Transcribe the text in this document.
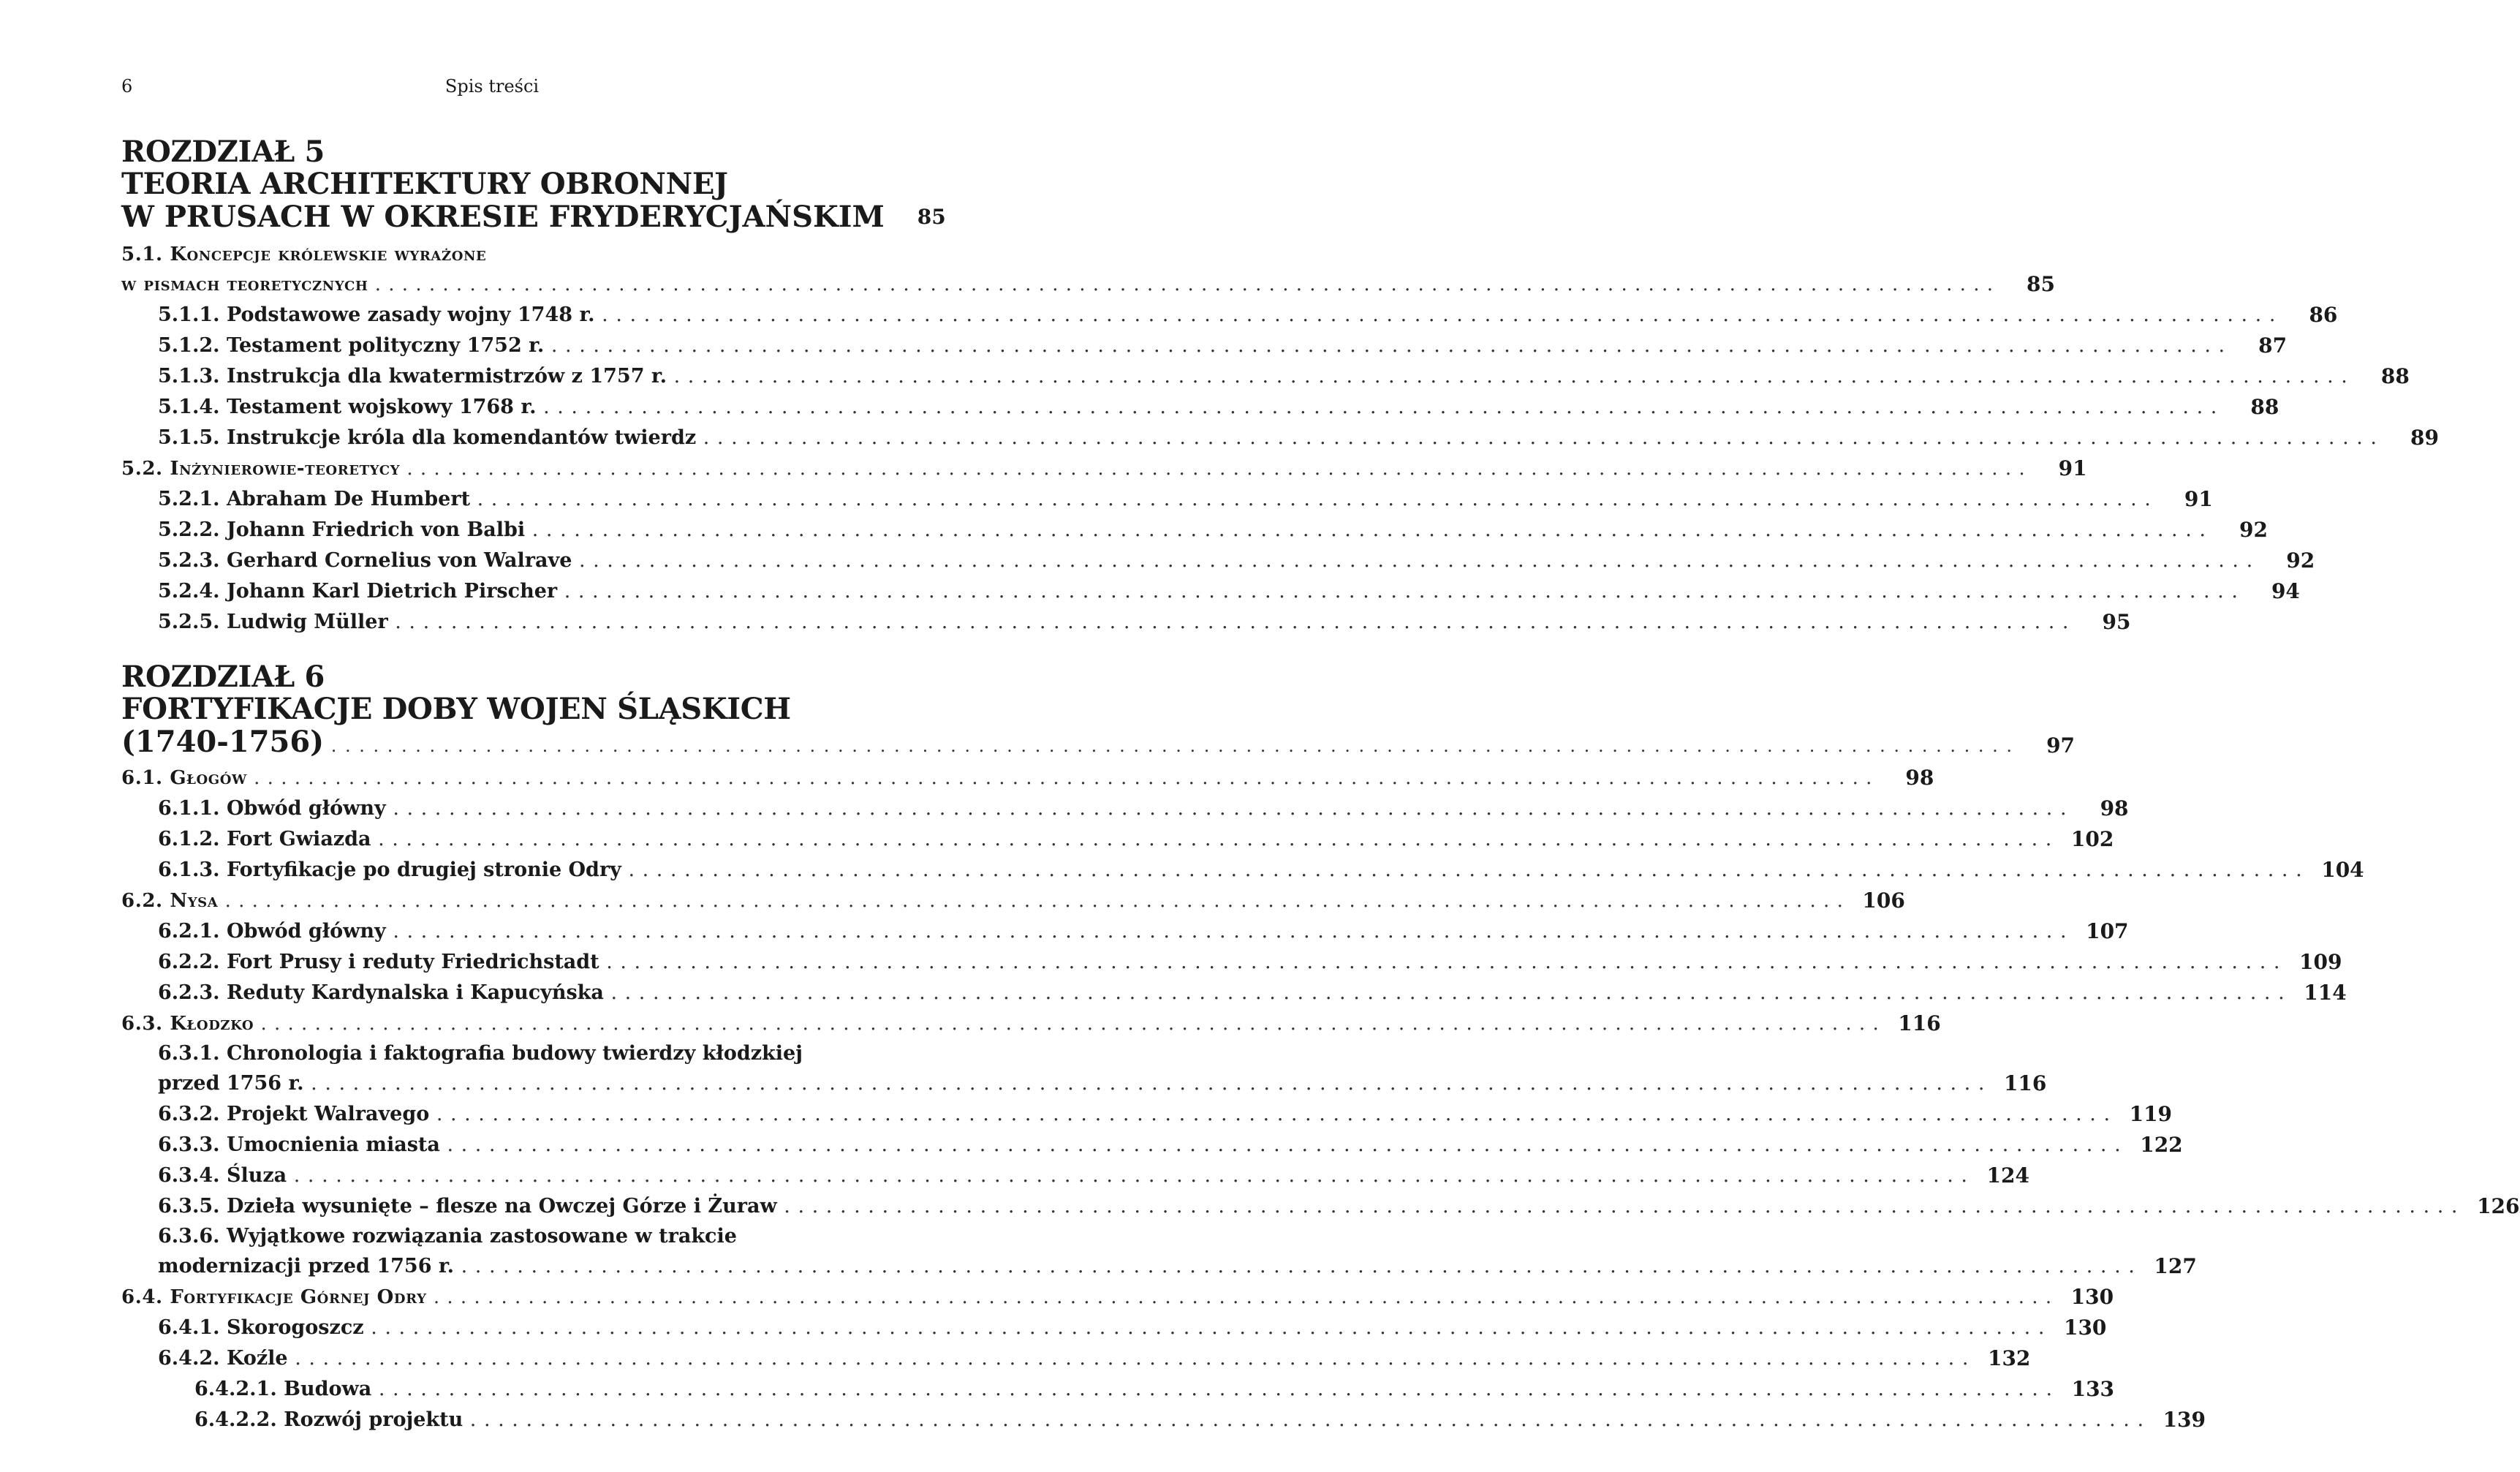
6	Spis treści
ROZDZIAŁ 5
TEORIA ARCHITEKTURY OBRONNEJ
W PRUSACH W OKRESIE FRYDERYCJAŃSKIM	85
5.1. Koncepcje królewskie wyrażone
w pismach teoretycznych . . . . . . . . . . . . . . . . . . . . . . . . . . . . . . . . . . . . . . . . . . . . . . . . . . . . . . . . . . . . . . . . . . . . . . . . . . . . . . . . . . . . . . . . . . . . . . . . . . . . . . . . . . . . . . . . . . . . . . . .	85
5.1.1. Podstawowe zasady wojny 1748 r. . . . . . . . . . . . . . . . . . . . . . . . . . . . . . . . . . . . . . . . . . . . . . . . . . . . . . . . . . . . . . . . . . . . . . . . . . . . . . . . . . . . . . . . . . . . . . . . . . . . . . . . . . . . . . . . . . . . . . . . .	86
5.1.2. Testament polityczny 1752 r. . . . . . . . . . . . . . . . . . . . . . . . . . . . . . . . . . . . . . . . . . . . . . . . . . . . . . . . . . . . . . . . . . . . . . . . . . . . . . . . . . . . . . . . . . . . . . . . . . . . . . . . . . . . . . . . . . . . . . . . .	87
5.1.3. Instrukcja dla kwatermistrzów z 1757 r. . . . . . . . . . . . . . . . . . . . . . . . . . . . . . . . . . . . . . . . . . . . . . . . . . . . . . . . . . . . . . . . . . . . . . . . . . . . . . . . . . . . . . . . . . . . . . . . . . . . . . . . . . . . . . . . . . . . . . . . .	88
5.1.4. Testament wojskowy 1768 r. . . . . . . . . . . . . . . . . . . . . . . . . . . . . . . . . . . . . . . . . . . . . . . . . . . . . . . . . . . . . . . . . . . . . . . . . . . . . . . . . . . . . . . . . . . . . . . . . . . . . . . . . . . . . . . . . . . . . . . . .	88
5.1.5. Instrukcje króla dla komendantów twierdz . . . . . . . . . . . . . . . . . . . . . . . . . . . . . . . . . . . . . . . . . . . . . . . . . . . . . . . . . . . . . . . . . . . . . . . . . . . . . . . . . . . . . . . . . . . . . . . . . . . . . . . . . . . . . . . . . . . . . . . .	89
5.2. Inżynierowie-teoretycy . . . . . . . . . . . . . . . . . . . . . . . . . . . . . . . . . . . . . . . . . . . . . . . . . . . . . . . . . . . . . . . . . . . . . . . . . . . . . . . . . . . . . . . . . . . . . . . . . . . . . . . . . . . . . . . . . . . . . . . .	91
5.2.1. Abraham De Humbert . . . . . . . . . . . . . . . . . . . . . . . . . . . . . . . . . . . . . . . . . . . . . . . . . . . . . . . . . . . . . . . . . . . . . . . . . . . . . . . . . . . . . . . . . . . . . . . . . . . . . . . . . . . . . . . . . . . . . . . .	91
5.2.2. Johann Friedrich von Balbi . . . . . . . . . . . . . . . . . . . . . . . . . . . . . . . . . . . . . . . . . . . . . . . . . . . . . . . . . . . . . . . . . . . . . . . . . . . . . . . . . . . . . . . . . . . . . . . . . . . . . . . . . . . . . . . . . . . . . . . .	92
5.2.3. Gerhard Cornelius von Walrave . . . . . . . . . . . . . . . . . . . . . . . . . . . . . . . . . . . . . . . . . . . . . . . . . . . . . . . . . . . . . . . . . . . . . . . . . . . . . . . . . . . . . . . . . . . . . . . . . . . . . . . . . . . . . . . . . . . . . . . .	92
5.2.4. Johann Karl Dietrich Pirscher . . . . . . . . . . . . . . . . . . . . . . . . . . . . . . . . . . . . . . . . . . . . . . . . . . . . . . . . . . . . . . . . . . . . . . . . . . . . . . . . . . . . . . . . . . . . . . . . . . . . . . . . . . . . . . . . . . . . . . . .	94
5.2.5. Ludwig Müller . . . . . . . . . . . . . . . . . . . . . . . . . . . . . . . . . . . . . . . . . . . . . . . . . . . . . . . . . . . . . . . . . . . . . . . . . . . . . . . . . . . . . . . . . . . . . . . . . . . . . . . . . . . . . . . . . . . . . . . .	95
ROZDZIAŁ 6
FORTYFIKACJE DOBY WOJEN ŚLĄSKICH
(1740-1756) . . . . . . . . . . . . . . . . . . . . . . . . . . . . . . . . . . . . . . . . . . . . . . . . . . . . . . . . . . . . . . . . . . . . . . . . . . . . . . . . . . . . . . . . . . . . . . . . . . . . . . . . . . . . . . . . . . . . . . . .	97
6.1. Głogów . . . . . . . . . . . . . . . . . . . . . . . . . . . . . . . . . . . . . . . . . . . . . . . . . . . . . . . . . . . . . . . . . . . . . . . . . . . . . . . . . . . . . . . . . . . . . . . . . . . . . . . . . . . . . . . . . . . . . . . .	98
6.1.1. Obwód główny . . . . . . . . . . . . . . . . . . . . . . . . . . . . . . . . . . . . . . . . . . . . . . . . . . . . . . . . . . . . . . . . . . . . . . . . . . . . . . . . . . . . . . . . . . . . . . . . . . . . . . . . . . . . . . . . . . . . . . . .	98
6.1.2. Fort Gwiazda . . . . . . . . . . . . . . . . . . . . . . . . . . . . . . . . . . . . . . . . . . . . . . . . . . . . . . . . . . . . . . . . . . . . . . . . . . . . . . . . . . . . . . . . . . . . . . . . . . . . . . . . . . . . . . . . . . . . . . . . 102
6.1.3. Fortyfikacje po drugiej stronie Odry . . . . . . . . . . . . . . . . . . . . . . . . . . . . . . . . . . . . . . . . . . . . . . . . . . . . . . . . . . . . . . . . . . . . . . . . . . . . . . . . . . . . . . . . . . . . . . . . . . . . . . . . . . . . . . . . . . . . . . . . 104
6.2. Nysa . . . . . . . . . . . . . . . . . . . . . . . . . . . . . . . . . . . . . . . . . . . . . . . . . . . . . . . . . . . . . . . . . . . . . . . . . . . . . . . . . . . . . . . . . . . . . . . . . . . . . . . . . . . . . . . . . . . . . . . . 106
6.2.1. Obwód główny . . . . . . . . . . . . . . . . . . . . . . . . . . . . . . . . . . . . . . . . . . . . . . . . . . . . . . . . . . . . . . . . . . . . . . . . . . . . . . . . . . . . . . . . . . . . . . . . . . . . . . . . . . . . . . . . . . . . . . . . 107
6.2.2. Fort Prusy i reduty Friedrichstadt . . . . . . . . . . . . . . . . . . . . . . . . . . . . . . . . . . . . . . . . . . . . . . . . . . . . . . . . . . . . . . . . . . . . . . . . . . . . . . . . . . . . . . . . . . . . . . . . . . . . . . . . . . . . . . . . . . . . . . . . 109
6.2.3. Reduty Kardynalska i Kapucyńska . . . . . . . . . . . . . . . . . . . . . . . . . . . . . . . . . . . . . . . . . . . . . . . . . . . . . . . . . . . . . . . . . . . . . . . . . . . . . . . . . . . . . . . . . . . . . . . . . . . . . . . . . . . . . . . . . . . . . . . . 114
6.3. Kłodzko . . . . . . . . . . . . . . . . . . . . . . . . . . . . . . . . . . . . . . . . . . . . . . . . . . . . . . . . . . . . . . . . . . . . . . . . . . . . . . . . . . . . . . . . . . . . . . . . . . . . . . . . . . . . . . . . . . . . . . . . 116
6.3.1. Chronologia i faktografia budowy twierdzy kłodzkiej
przed 1756 r. . . . . . . . . . . . . . . . . . . . . . . . . . . . . . . . . . . . . . . . . . . . . . . . . . . . . . . . . . . . . . . . . . . . . . . . . . . . . . . . . . . . . . . . . . . . . . . . . . . . . . . . . . . . . . . . . . . . . . . . . 116
6.3.2. Projekt Walravego . . . . . . . . . . . . . . . . . . . . . . . . . . . . . . . . . . . . . . . . . . . . . . . . . . . . . . . . . . . . . . . . . . . . . . . . . . . . . . . . . . . . . . . . . . . . . . . . . . . . . . . . . . . . . . . . . . . . . . . . 119
6.3.3. Umocnienia miasta . . . . . . . . . . . . . . . . . . . . . . . . . . . . . . . . . . . . . . . . . . . . . . . . . . . . . . . . . . . . . . . . . . . . . . . . . . . . . . . . . . . . . . . . . . . . . . . . . . . . . . . . . . . . . . . . . . . . . . . . 122
6.3.4. Śluza . . . . . . . . . . . . . . . . . . . . . . . . . . . . . . . . . . . . . . . . . . . . . . . . . . . . . . . . . . . . . . . . . . . . . . . . . . . . . . . . . . . . . . . . . . . . . . . . . . . . . . . . . . . . . . . . . . . . . . . . 124
6.3.5. Dzieła wysunięte – flesze na Owczej Górze i Żuraw . . . . . . . . . . . . . . . . . . . . . . . . . . . . . . . . . . . . . . . . . . . . . . . . . . . . . . . . . . . . . . . . . . . . . . . . . . . . . . . . . . . . . . . . . . . . . . . . . . . . . . . . . . . . . . . . . . . . . . . . 126
6.3.6. Wyjątkowe rozwiązania zastosowane w trakcie
modernizacji przed 1756 r. . . . . . . . . . . . . . . . . . . . . . . . . . . . . . . . . . . . . . . . . . . . . . . . . . . . . . . . . . . . . . . . . . . . . . . . . . . . . . . . . . . . . . . . . . . . . . . . . . . . . . . . . . . . . . . . . . . . . . . . . 127
6.4. Fortyfikacje Górnej Odry . . . . . . . . . . . . . . . . . . . . . . . . . . . . . . . . . . . . . . . . . . . . . . . . . . . . . . . . . . . . . . . . . . . . . . . . . . . . . . . . . . . . . . . . . . . . . . . . . . . . . . . . . . . . . . . . . . . . . . . . 130
6.4.1. Skorogoszcz . . . . . . . . . . . . . . . . . . . . . . . . . . . . . . . . . . . . . . . . . . . . . . . . . . . . . . . . . . . . . . . . . . . . . . . . . . . . . . . . . . . . . . . . . . . . . . . . . . . . . . . . . . . . . . . . . . . . . . . . 130
6.4.2. Koźle . . . . . . . . . . . . . . . . . . . . . . . . . . . . . . . . . . . . . . . . . . . . . . . . . . . . . . . . . . . . . . . . . . . . . . . . . . . . . . . . . . . . . . . . . . . . . . . . . . . . . . . . . . . . . . . . . . . . . . . . 132
6.4.2.1. Budowa . . . . . . . . . . . . . . . . . . . . . . . . . . . . . . . . . . . . . . . . . . . . . . . . . . . . . . . . . . . . . . . . . . . . . . . . . . . . . . . . . . . . . . . . . . . . . . . . . . . . . . . . . . . . . . . . . . . . . . . . 133
6.4.2.2. Rozwój projektu . . . . . . . . . . . . . . . . . . . . . . . . . . . . . . . . . . . . . . . . . . . . . . . . . . . . . . . . . . . . . . . . . . . . . . . . . . . . . . . . . . . . . . . . . . . . . . . . . . . . . . . . . . . . . . . . . . . . . . . . 139
